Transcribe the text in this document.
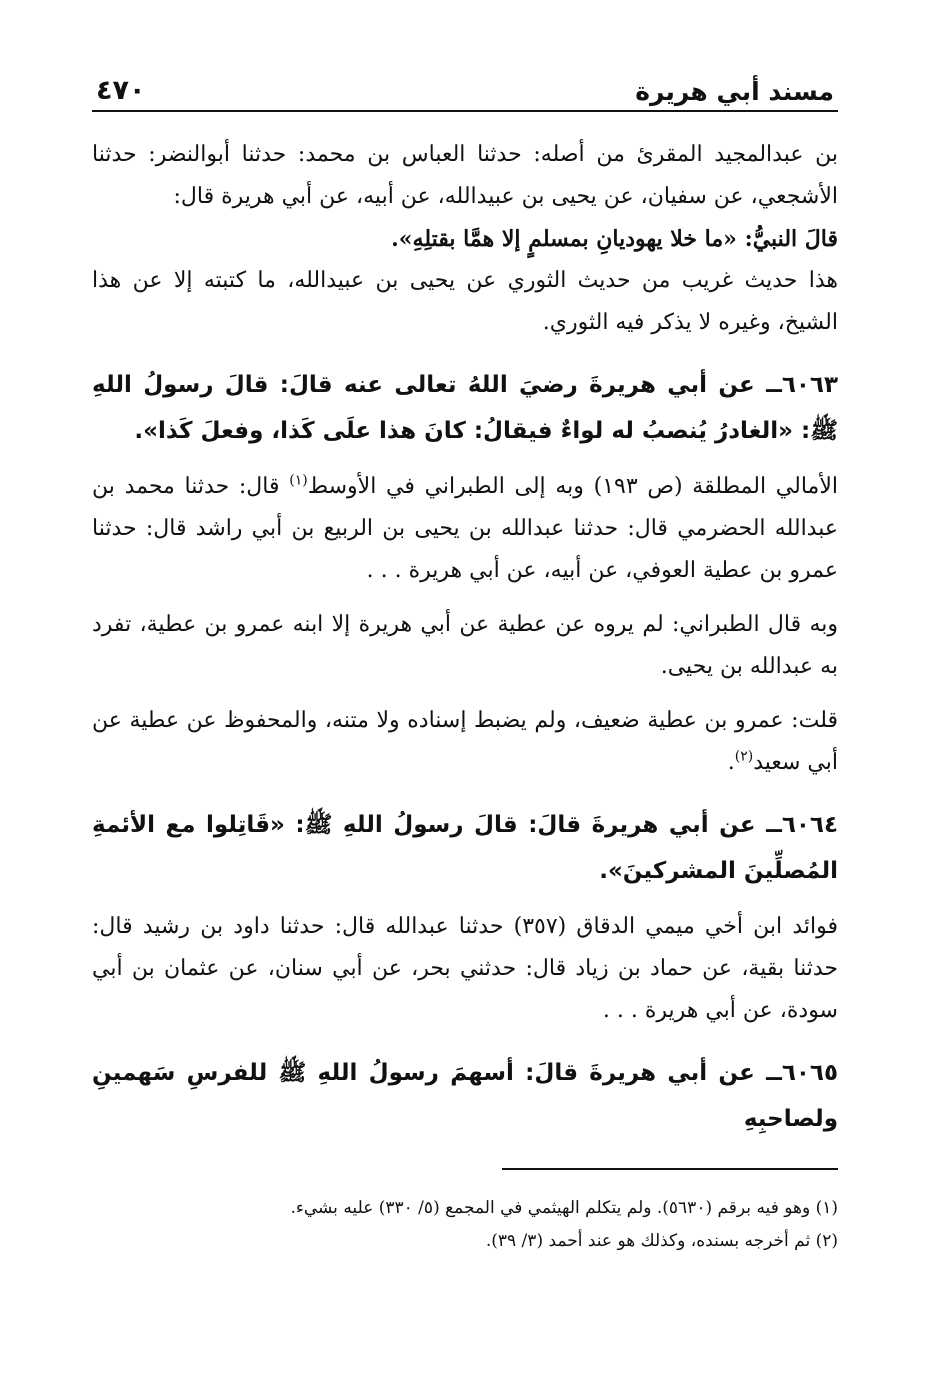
مسند أبي هريرة
٤٧٠

بن عبدالمجيد المقرئ من أصله: حدثنا العباس بن محمد: حدثنا أبوالنضر: حدثنا الأشجعي، عن سفيان، عن يحيى بن عبيدالله، عن أبيه، عن أبي هريرة قال:

قالَ النبيُّ: «ما خلا يهوديانِ بمسلمٍ إلا همَّا بقتلِهِ».

هذا حديث غريب من حديث الثوري عن يحيى بن عبيدالله، ما كتبته إلا عن هذا الشيخ، وغيره لا يذكر فيه الثوري.

٦٠٦٣ــ عن أبي هريرةَ رضيَ اللهُ تعالى عنه قالَ: قالَ رسولُ اللهِ ﷺ: «الغادرُ يُنصبُ له لواءٌ فيقالُ: كانَ هذا علَى كَذا، وفعلَ كَذا».

الأمالي المطلقة (ص ١٩٣) وبه إلى الطبراني في الأوسط$^{(١)}$ قال: حدثنا محمد بن عبدالله الحضرمي قال: حدثنا عبدالله بن يحيى بن الربيع بن أبي راشد قال: حدثنا عمرو بن عطية العوفي، عن أبيه، عن أبي هريرة . . .

وبه قال الطبراني: لم يروه عن عطية عن أبي هريرة إلا ابنه عمرو بن عطية، تفرد به عبدالله بن يحيى.

قلت: عمرو بن عطية ضعيف، ولم يضبط إسناده ولا متنه، والمحفوظ عن عطية عن أبي سعيد$^{(٢)}$.

٦٠٦٤ــ عن أبي هريرةَ قالَ: قالَ رسولُ اللهِ ﷺ: «قَاتِلوا مع الأئمةِ المُصلِّينَ المشركينَ».

فوائد ابن أخي ميمي الدقاق (٣٥٧) حدثنا عبدالله قال: حدثنا داود بن رشيد قال: حدثنا بقية، عن حماد بن زياد قال: حدثني بحر، عن أبي سنان، عن عثمان بن أبي سودة، عن أبي هريرة . . .

٦٠٦٥ــ عن أبي هريرةَ قالَ: أسهمَ رسولُ اللهِ ﷺ للفرسِ سَهمينِ ولصاحبِهِ

(١) وهو فيه برقم (٥٦٣٠). ولم يتكلم الهيثمي في المجمع (٥/ ٣٣٠) عليه بشيء.

(٢) ثم أخرجه بسنده، وكذلك هو عند أحمد (٣/ ٣٩).
